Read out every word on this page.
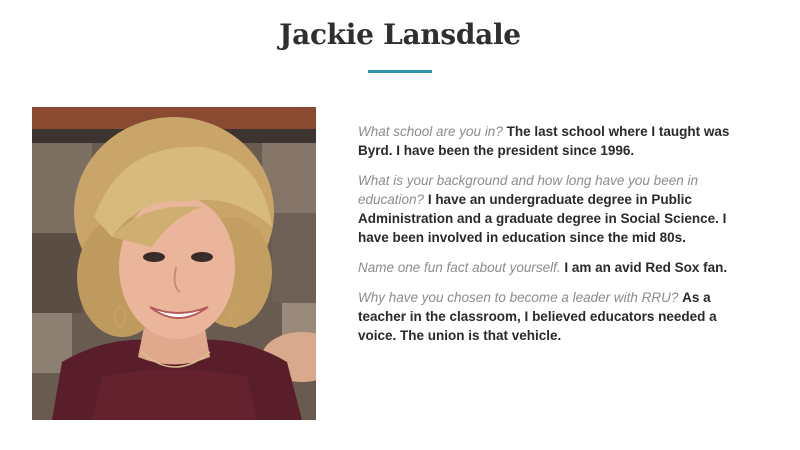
Jackie Lansdale

What school are you in? The last school where I taught was Byrd. I have been the president since 1996.

What is your background and how long have you been in education? I have an undergraduate degree in Public Administration and a graduate degree in Social Science. I have been involved in education since the mid 80s.

Name one fun fact about yourself. I am an avid Red Sox fan.

Why have you chosen to become a leader with RRU? As a teacher in the classroom, I believed educators needed a voice. The union is that vehicle.
